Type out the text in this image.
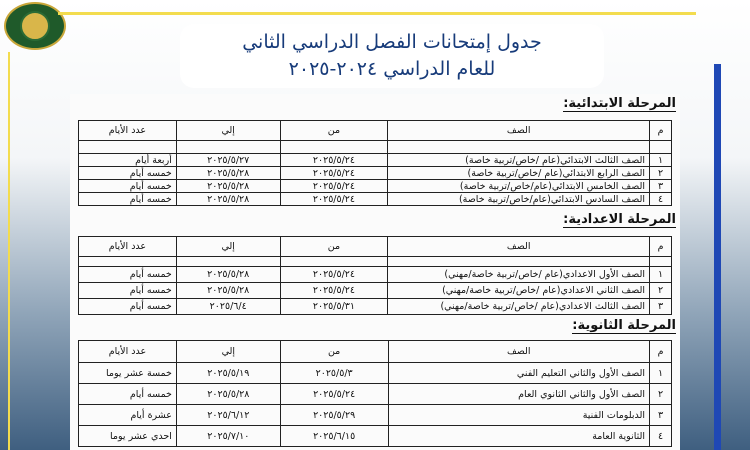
جدول إمتحانات الفصل الدراسي الثاني
للعام الدراسي ٢٠٢٤-٢٠٢٥
المرحلة الابتدائية:
م	الصف	من	إلي	عدد الأيام

١	الصف الثالث الابتدائي(عام /خاص/تربية خاصة)	٢٠٢٥/٥/٢٤	٢٠٢٥/٥/٢٧	أربعة أيام
٢	الصف الرابع الابتدائي(عام /خاص/تربية خاصة)	٢٠٢٥/٥/٢٤	٢٠٢٥/٥/٢٨	خمسه أيام
٣	الصف الخامس الابتدائي(عام/خاص/تربية خاصة)	٢٠٢٥/٥/٢٤	٢٠٢٥/٥/٢٨	خمسه أيام
٤	الصف السادس الابتدائي(عام/خاص/تربية خاصة)	٢٠٢٥/٥/٢٤	٢٠٢٥/٥/٢٨	خمسه أيام
المرحلة الاعدادية:
م	الصف	من	إلي	عدد الأيام

١	الصف الأول الاعدادي(عام /خاص/تربية خاصة/مهني)	٢٠٢٥/٥/٢٤	٢٠٢٥/٥/٢٨	خمسه أيام
٢	الصف الثاني الاعدادي(عام /خاص/تربية خاصة/مهني)	٢٠٢٥/٥/٢٤	٢٠٢٥/٥/٢٨	خمسه أيام
٣	الصف الثالث الاعدادي(عام /خاص/تربية خاصة/مهني)	٢٠٢٥/٥/٣١	٢٠٢٥/٦/٤	خمسه أيام
المرحلة الثانوية:
م	الصف	من	إلي	عدد الأيام
١	الصف الأول والثاني التعليم الفني	٢٠٢٥/٥/٣	٢٠٢٥/٥/١٩	خمسة عشر يوما
٢	الصف الأول والثاني الثانوي العام	٢٠٢٥/٥/٢٤	٢٠٢٥/٥/٢٨	خمسه أيام
٣	الدبلومات الفنية	٢٠٢٥/٥/٢٩	٢٠٢٥/٦/١٢	عشرة أيام
٤	الثانوية العامة	٢٠٢٥/٦/١٥	٢٠٢٥/٧/١٠	احدي عشر يوما
